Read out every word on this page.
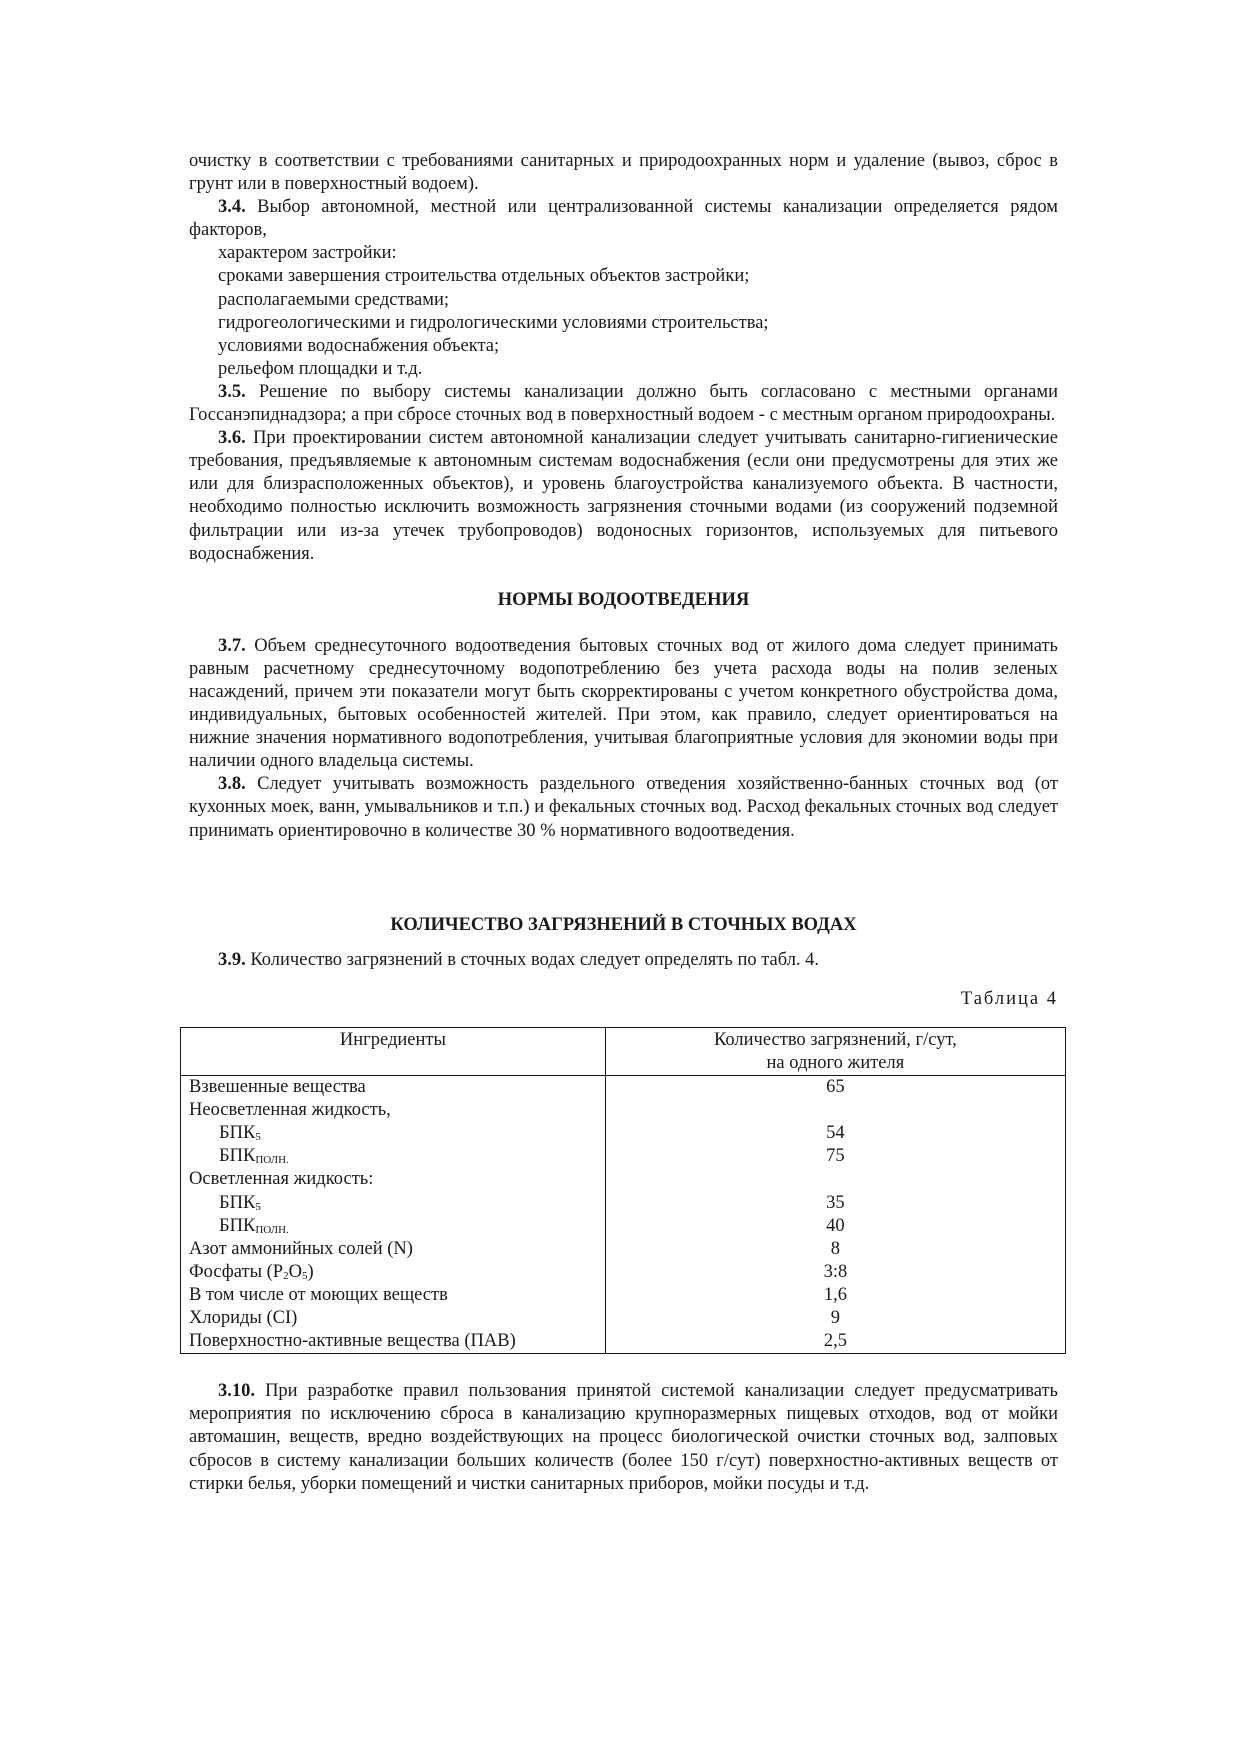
очистку в соответствии с требованиями санитарных и природоохранных норм и удаление (вывоз, сброс в грунт или в поверхностный водоем).

3.4. Выбор автономной, местной или централизованной системы канализации определяется рядом факторов,

характером застройки:

сроками завершения строительства отдельных объектов застройки;

располагаемыми средствами;

гидрогеологическими и гидрологическими условиями строительства;

условиями водоснабжения объекта;

рельефом площадки и т.д.

3.5. Решение по выбору системы канализации должно быть согласовано с местными органами Госсанэпиднадзора; а при сбросе сточных вод в поверхностный водоем - с местным органом природоохраны.

3.6. При проектировании систем автономной канализации следует учитывать санитарно-гигиенические требования, предъявляемые к автономным системам водоснабжения (если они предусмотрены для этих же или для близрасположенных объектов), и уровень благоустройства канализуемого объекта. В частности, необходимо полностью исключить возможность загрязнения сточными водами (из сооружений подземной фильтрации или из-за утечек трубопроводов) водоносных горизонтов, используемых для питьевого водоснабжения.

НОРМЫ ВОДООТВЕДЕНИЯ

3.7. Объем среднесуточного водоотведения бытовых сточных вод от жилого дома следует принимать равным расчетному среднесуточному водопотреблению без учета расхода воды на полив зеленых насаждений, причем эти показатели могут быть скорректированы с учетом конкретного обустройства дома, индивидуальных, бытовых особенностей жителей. При этом, как правило, следует ориентироваться на нижние значения нормативного водопотребления, учитывая благоприятные условия для экономии воды при наличии одного владельца системы.

3.8. Следует учитывать возможность раздельного отведения хозяйственно-банных сточных вод (от кухонных моек, ванн, умывальников и т.п.) и фекальных сточных вод. Расход фекальных сточных вод следует принимать ориентировочно в количестве 30 % нормативного водоотведения.

КОЛИЧЕСТВО ЗАГРЯЗНЕНИЙ В СТОЧНЫХ ВОДАХ

3.9. Количество загрязнений в сточных водах следует определять по табл. 4.

Таблица 4

Ингредиенты	Количество загрязнений, г/сут,
на одного жителя
Взвешенные вещества	65
Неосветленная жидкость,	
$БПК_5$	54
$БПК_{ПОЛН.}$	75
Осветленная жидкость:	
$БПК_5$	35
$БПК_{ПОЛН.}$	40
Азот аммонийных солей (N)	8
Фосфаты $(P_2O_5)$	3:8
В том числе от моющих веществ	1,6
Хлориды (CI)	9
Поверхностно-активные вещества (ПАВ)	2,5

3.10. При разработке правил пользования принятой системой канализации следует предусматривать мероприятия по исключению сброса в канализацию крупноразмерных пищевых отходов, вод от мойки автомашин, веществ, вредно воздействующих на процесс биологической очистки сточных вод, залповых сбросов в систему канализации больших количеств (более 150 г/сут) поверхностно-активных веществ от стирки белья, уборки помещений и чистки санитарных приборов, мойки посуды и т.д.
